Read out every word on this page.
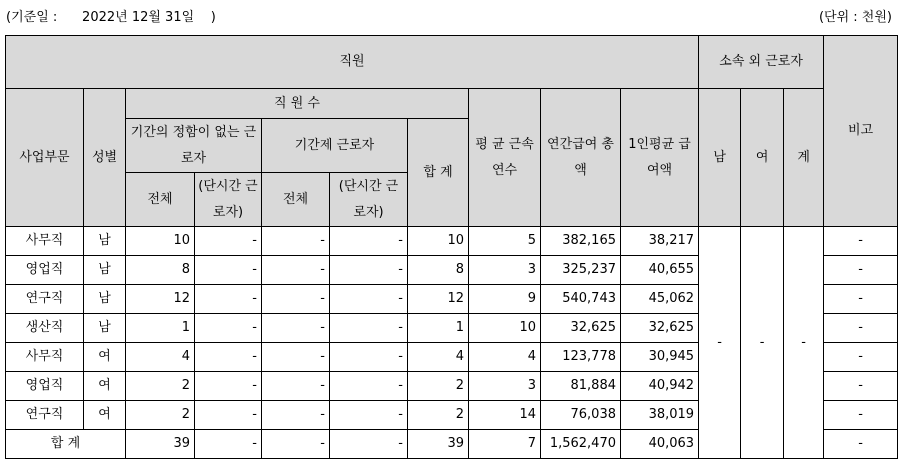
(기준일 :      2022년 12월 31일    )	(단위 : 천원)
직원										소속 외 근로자			비고
사업부문	성별	직 원 수					평 균 근속연수	연간급여 총 액	1인평균 급여액	남	여	계	
		기간의 정함이 없는 근로자		기간제 근로자		합 계							
		전체	(단시간 근로자)	전체	(단시간 근로자)								
사무직	남	10	-	-	-	10	5	382,165	38,217	-	-	-	-
영업직	남	8	-	-	-	8	3	325,237	40,655				-
연구직	남	12	-	-	-	12	9	540,743	45,062				-
생산직	남	1	-	-	-	1	10	32,625	32,625				-
사무직	여	4	-	-	-	4	4	123,778	30,945				-
영업직	여	2	-	-	-	2	3	81,884	40,942				-
연구직	여	2	-	-	-	2	14	76,038	38,019				-
합 계		39	-	-	-	39	7	1,562,470	40,063				-
